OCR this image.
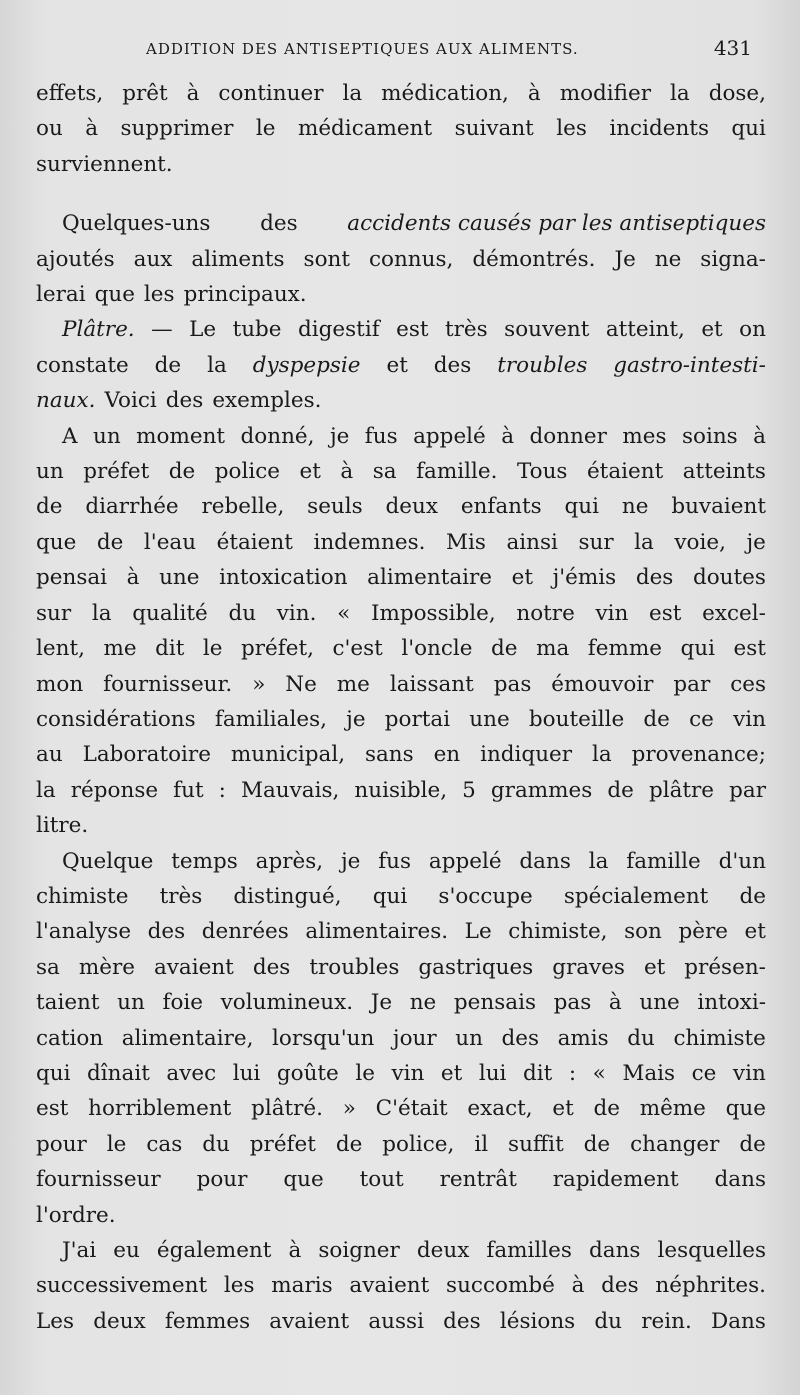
ADDITION DES ANTISEPTIQUES AUX ALIMENTS.	431
effets, prêt à continuer la médication, à modifier la dose,
ou à supprimer le médicament suivant les incidents qui
surviennent.
Quelques-uns des accidents causés par les antiseptiques
ajoutés aux aliments sont connus, démontrés. Je ne signa-
lerai que les principaux.
Plâtre. — Le tube digestif est très souvent atteint, et on
constate de la dyspepsie et des troubles gastro-intesti-
naux. Voici des exemples.
A un moment donné, je fus appelé à donner mes soins à
un préfet de police et à sa famille. Tous étaient atteints
de diarrhée rebelle, seuls deux enfants qui ne buvaient
que de l'eau étaient indemnes. Mis ainsi sur la voie, je
pensai à une intoxication alimentaire et j'émis des doutes
sur la qualité du vin. « Impossible, notre vin est excel-
lent, me dit le préfet, c'est l'oncle de ma femme qui est
mon fournisseur. » Ne me laissant pas émouvoir par ces
considérations familiales, je portai une bouteille de ce vin
au Laboratoire municipal, sans en indiquer la provenance;
la réponse fut : Mauvais, nuisible, 5 grammes de plâtre par
litre.
Quelque temps après, je fus appelé dans la famille d'un
chimiste très distingué, qui s'occupe spécialement de
l'analyse des denrées alimentaires. Le chimiste, son père et
sa mère avaient des troubles gastriques graves et présen-
taient un foie volumineux. Je ne pensais pas à une intoxi-
cation alimentaire, lorsqu'un jour un des amis du chimiste
qui dînait avec lui goûte le vin et lui dit : « Mais ce vin
est horriblement plâtré. » C'était exact, et de même que
pour le cas du préfet de police, il suffit de changer de
fournisseur pour que tout rentrât rapidement dans
l'ordre.
J'ai eu également à soigner deux familles dans lesquelles
successivement les maris avaient succombé à des néphrites.
Les deux femmes avaient aussi des lésions du rein. Dans
